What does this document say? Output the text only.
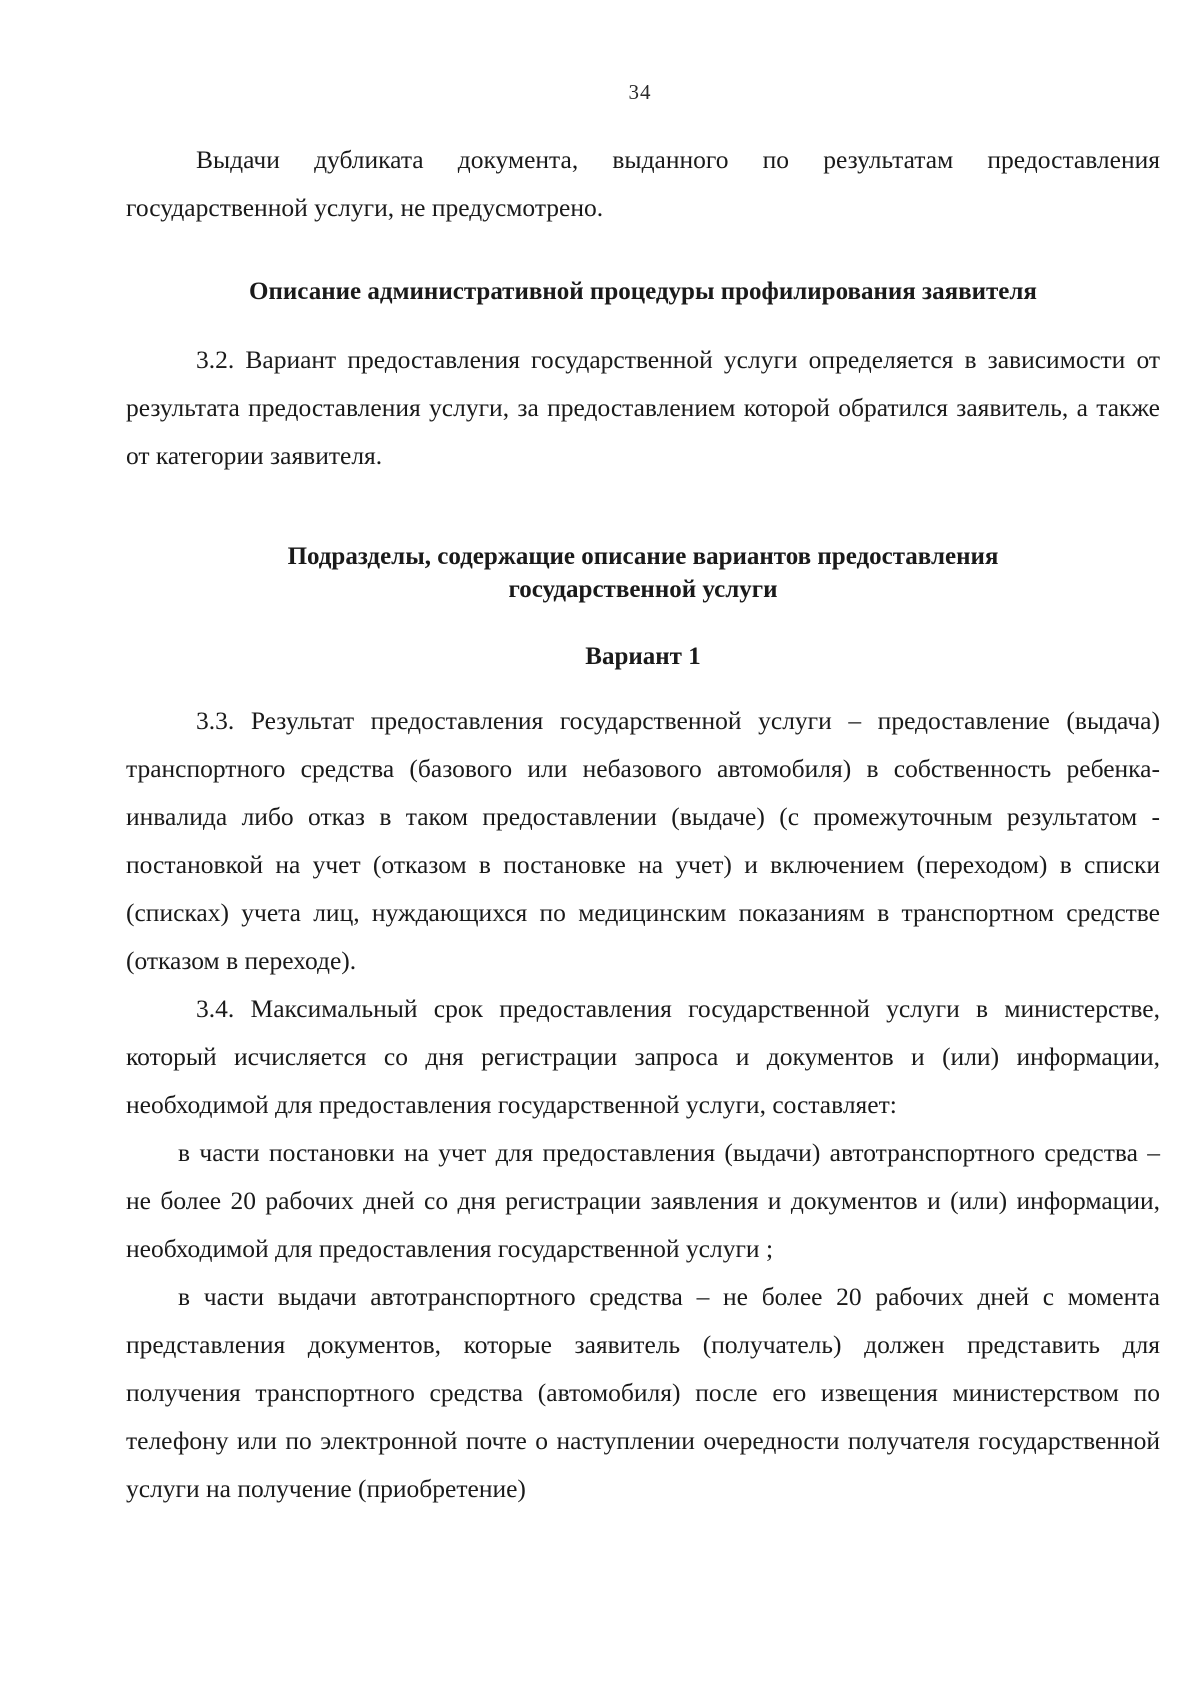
34

Выдачи дубликата документа, выданного по результатам предоставления государственной услуги, не предусмотрено.

Описание административной процедуры профилирования заявителя

3.2. Вариант предоставления государственной услуги определяется в зависимости от результата предоставления услуги, за предоставлением которой обратился заявитель, а также от категории заявителя.

Подразделы, содержащие описание вариантов предоставления

государственной услуги

Вариант 1

3.3. Результат предоставления государственной услуги – предоставление (выдача) транспортного средства (базового или небазового автомобиля) в собственность ребенка-инвалида либо отказ в таком предоставлении (выдаче) (с промежуточным результатом - постановкой на учет (отказом в постановке на учет) и включением (переходом) в списки (списках) учета лиц, нуждающихся по медицинским показаниям в транспортном средстве (отказом в переходе).

3.4. Максимальный срок предоставления государственной услуги в министерстве, который исчисляется со дня регистрации запроса и документов и (или) информации, необходимой для предоставления государственной услуги, составляет:

в части постановки на учет для предоставления (выдачи) автотранспортного средства – не более 20 рабочих дней со дня регистрации заявления и документов и (или) информации, необходимой для предоставления государственной услуги ;

в части выдачи автотранспортного средства – не более 20 рабочих дней с момента представления документов, которые заявитель (получатель) должен представить для получения транспортного средства (автомобиля) после его извещения министерством по телефону или по электронной почте о наступлении очередности получателя государственной услуги на получение (приобретение)
